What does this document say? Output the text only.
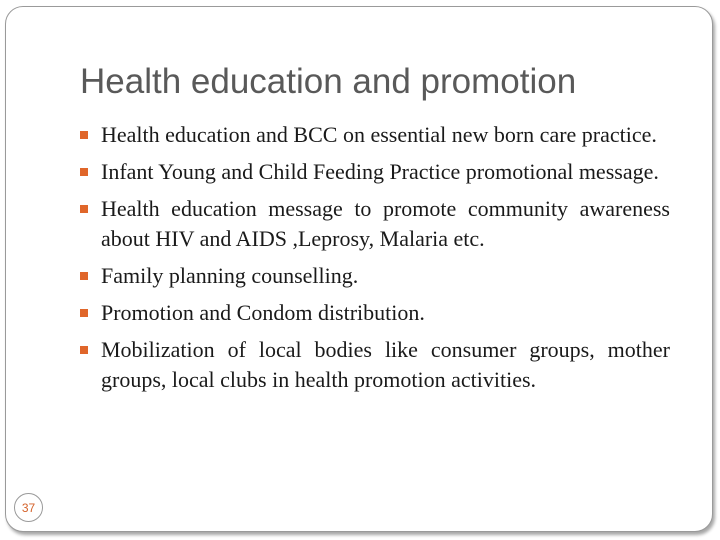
Health education and promotion
Health education and BCC on essential new born care practice.
Infant Young and Child Feeding Practice promotional message.
Health education message to promote community awareness about HIV and AIDS ,Leprosy, Malaria etc.
Family planning counselling.
Promotion and Condom distribution.
Mobilization of local bodies like consumer groups, mother groups, local clubs in health promotion activities.
37
